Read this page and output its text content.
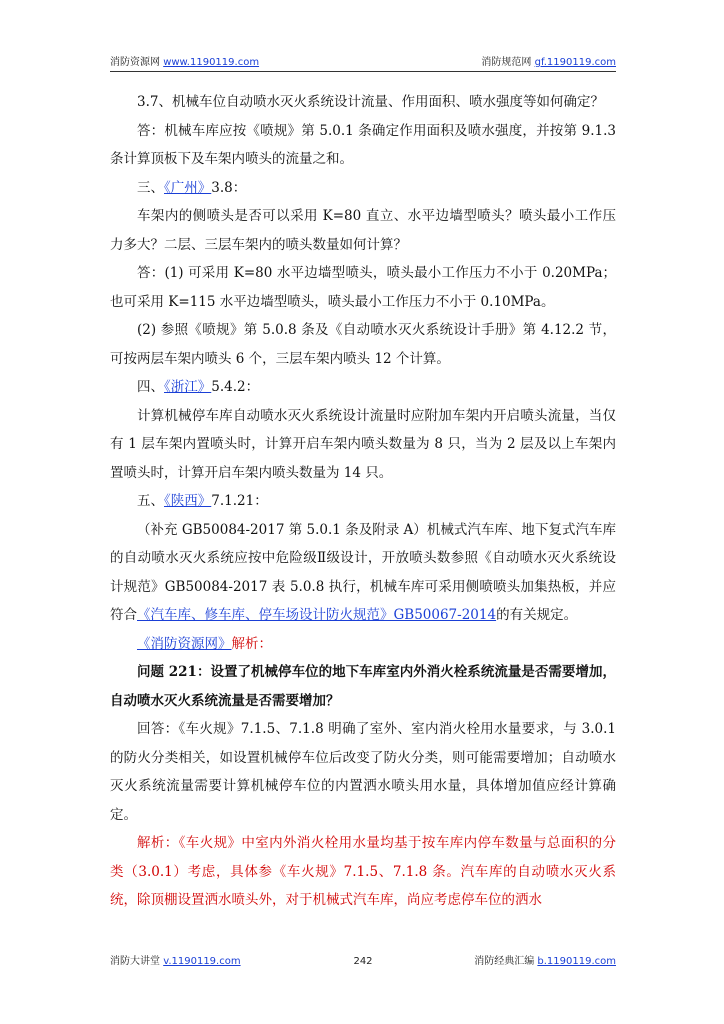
消防资源网 www.1190119.com	消防规范网 gf.1190119.com

3.7、机械车位自动喷水灭火系统设计流量、作用面积、喷水强度等如何确定？

答：机械车库应按《喷规》第 5.0.1 条确定作用面积及喷水强度，并按第 9.1.3 条计算顶板下及车架内喷头的流量之和。

三、《广州》3.8：

车架内的侧喷头是否可以采用 K=80 直立、水平边墙型喷头？喷头最小工作压力多大？二层、三层车架内的喷头数量如何计算？

答：(1) 可采用 K=80 水平边墙型喷头，喷头最小工作压力不小于 0.20MPa；也可采用 K=115 水平边墙型喷头，喷头最小工作压力不小于 0.10MPa。

(2) 参照《喷规》第 5.0.8 条及《自动喷水灭火系统设计手册》第 4.12.2 节，可按两层车架内喷头 6 个，三层车架内喷头 12 个计算。

四、《浙江》5.4.2：

计算机械停车库自动喷水灭火系统设计流量时应附加车架内开启喷头流量，当仅有 1 层车架内置喷头时，计算开启车架内喷头数量为 8 只，当为 2 层及以上车架内置喷头时，计算开启车架内喷头数量为 14 只。

五、《陕西》7.1.21：

（补充 GB50084-2017 第 5.0.1 条及附录 A）机械式汽车库、地下复式汽车库的自动喷水灭火系统应按中危险级Ⅱ级设计，开放喷头数参照《自动喷水灭火系统设计规范》GB50084-2017 表 5.0.8 执行，机械车库可采用侧喷喷头加集热板，并应符合《汽车库、修车库、停车场设计防火规范》GB50067-2014的有关规定。

《消防资源网》解析：

问题 221：设置了机械停车位的地下车库室内外消火栓系统流量是否需要增加，自动喷水灭火系统流量是否需要增加？

回答：《车火规》7.1.5、7.1.8 明确了室外、室内消火栓用水量要求，与 3.0.1 的防火分类相关，如设置机械停车位后改变了防火分类，则可能需要增加；自动喷水灭火系统流量需要计算机械停车位的内置洒水喷头用水量，具体增加值应经计算确定。

解析：《车火规》中室内外消火栓用水量均基于按车库内停车数量与总面积的分类（3.0.1）考虑，具体参《车火规》7.1.5、7.1.8 条。汽车库的自动喷水灭火系统，除顶棚设置洒水喷头外，对于机械式汽车库，尚应考虑停车位的洒水

消防大讲堂 v.1190119.com	242	消防经典汇编 b.1190119.com
